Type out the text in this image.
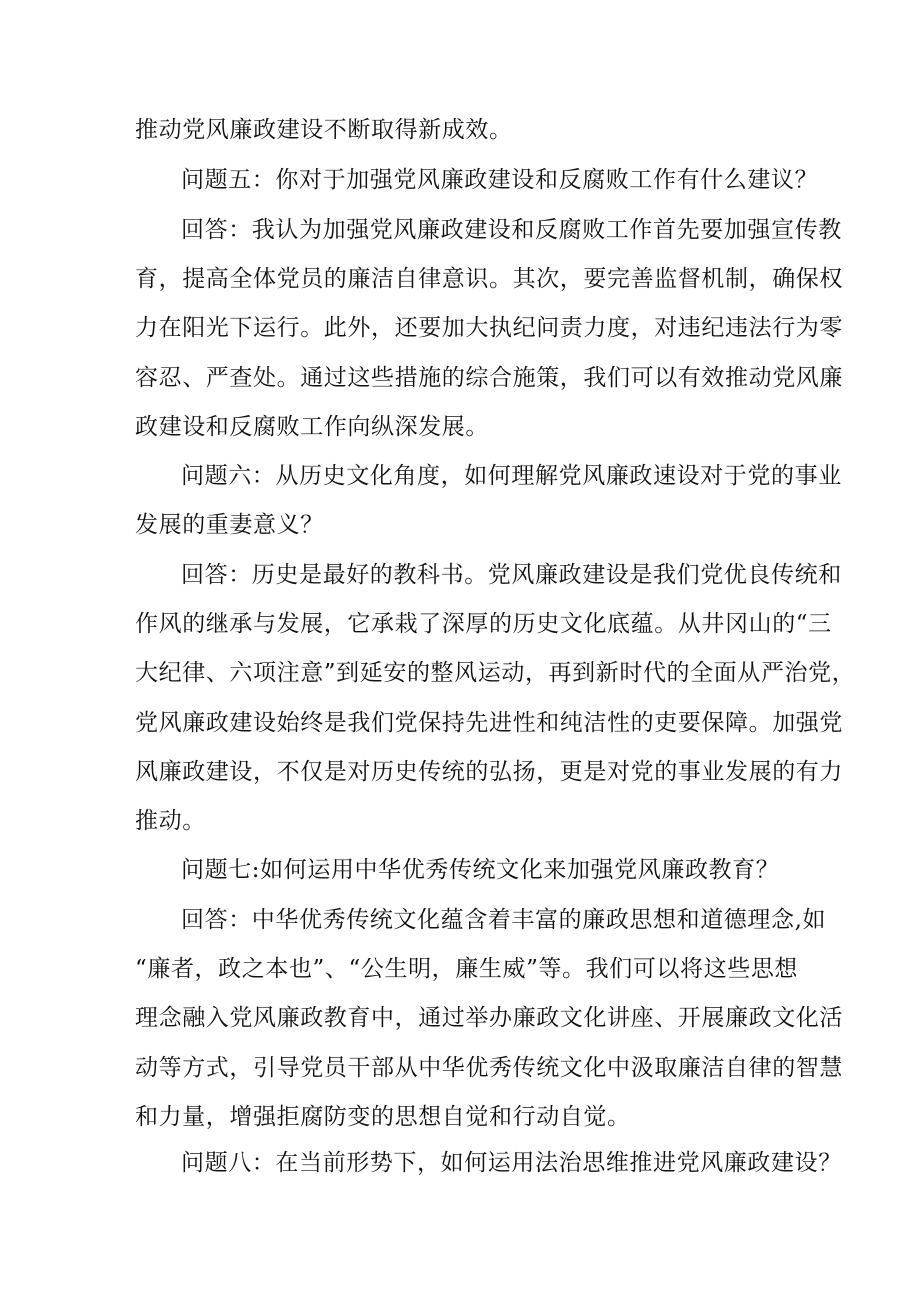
推动党风廉政建设不断取得新成效。
问题五：你对于加强党风廉政建设和反腐败工作有什么建议？
回答：我认为加强党风廉政建设和反腐败工作首先要加强宣传教
育，提高全体党员的廉洁自律意识。其次，要完善监督机制，确保权
力在阳光下运行。此外，还要加大执纪问责力度，对违纪违法行为零
容忍、严查处。通过这些措施的综合施策，我们可以有效推动党风廉
政建设和反腐败工作向纵深发展。
问题六：从历史文化角度，如何理解党风廉政速设对于党的事业
发展的重妻意义？
回答：历史是最好的教科书。党风廉政建设是我们党优良传统和
作风的继承与发展，它承栽了深厚的历史文化底蕴。从井冈山的“三
大纪律、六项注意”到延安的整风运动，再到新时代的全面从严治党，
党风廉政建设始终是我们党保持先进性和纯洁性的吏要保障。加强党
风廉政建设，不仅是对历史传统的弘扬，更是对党的事业发展的有力
推动。
问题七:如何运用中华优秀传统文化来加强党风廉政教育？
回答：中华优秀传统文化蕴含着丰富的廉政思想和道德理念,如
“廉者，政之本也”、“公生明，廉生威”等。我们可以将这些思想
理念融入党风廉政教育中，通过举办廉政文化讲座、开展廉政文化活
动等方式，引导党员干部从中华优秀传统文化中汲取廉洁自律的智慧
和力量，增强拒腐防变的思想自觉和行动自觉。
问题八：在当前形势下，如何运用法治思维推进党风廉政建设？
